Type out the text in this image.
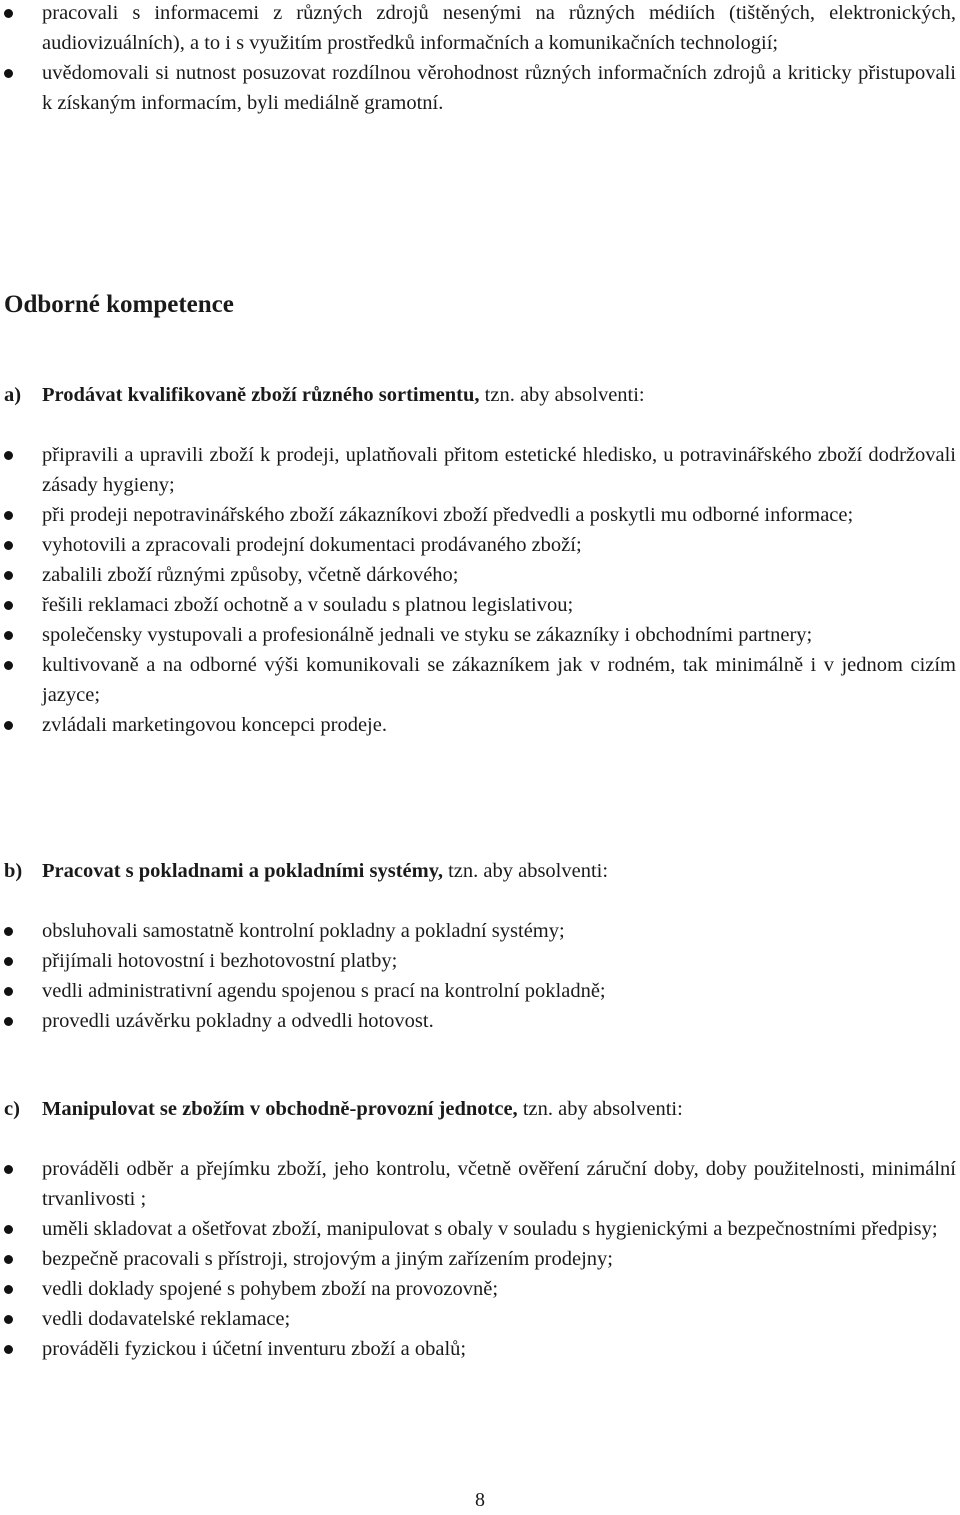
pracovali s informacemi z různých zdrojů nesenými na různých médiích (tištěných, elektronických, audiovizuálních), a to i s využitím prostředků informačních a komunikačních technologií;
uvědomovali si nutnost posuzovat rozdílnou věrohodnost různých informačních zdrojů a kriticky přistupovali k získaným informacím, byli mediálně gramotní.
Odborné kompetence
a) Prodávat kvalifikovaně zboží různého sortimentu, tzn. aby absolventi:
připravili a upravili zboží k prodeji, uplatňovali přitom estetické hledisko, u potravinářského zboží dodržovali zásady hygieny;
při prodeji nepotravinářského zboží zákazníkovi zboží předvedli a poskytli mu odborné informace;
vyhotovili a zpracovali prodejní dokumentaci prodávaného zboží;
zabalili zboží různými způsoby, včetně dárkového;
řešili reklamaci zboží ochotně a v souladu s platnou legislativou;
společensky vystupovali a profesionálně jednali ve styku se zákazníky i obchodními partnery;
kultivovaně a na odborné výši komunikovali se zákazníkem jak v rodném, tak minimálně i v jednom cizím jazyce;
zvládali marketingovou koncepci prodeje.
b) Pracovat s pokladnami a pokladními systémy, tzn. aby absolventi:
obsluhovali samostatně kontrolní pokladny a pokladní systémy;
přijímali hotovostní i bezhotovostní platby;
vedli administrativní agendu spojenou s prací na kontrolní pokladně;
provedli uzávěrku pokladny a odvedli hotovost.
c) Manipulovat se zbožím v obchodně-provozní jednotce, tzn. aby absolventi:
prováděli odběr a přejímku zboží, jeho kontrolu, včetně ověření záruční doby, doby použitelnosti, minimální trvanlivosti ;
uměli skladovat a ošetřovat zboží, manipulovat s obaly v souladu s hygienickými a bezpečnostními předpisy;
bezpečně pracovali s přístroji, strojovým a jiným zařízením prodejny;
vedli doklady spojené s pohybem zboží na provozovně;
vedli dodavatelské reklamace;
prováděli fyzickou i účetní inventuru zboží a obalů;
8
